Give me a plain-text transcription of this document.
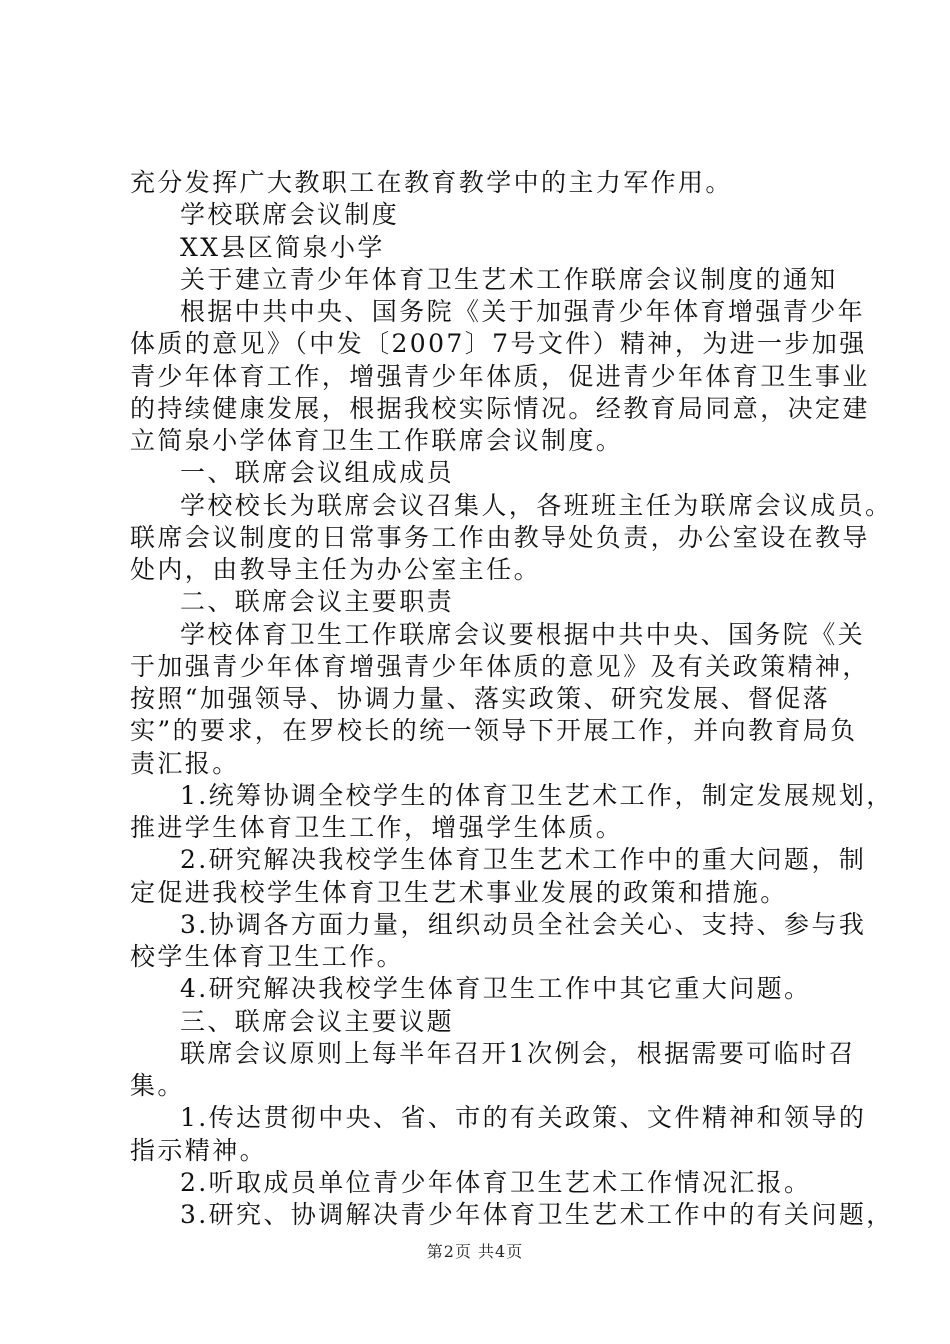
充分发挥广大教职工在教育教学中的主力军作用。
学校联席会议制度
XX县区简泉小学
关于建立青少年体育卫生艺术工作联席会议制度的通知
根据中共中央、国务院《关于加强青少年体育增强青少年
体质的意见》（中发〔2007〕7号文件）精神，为进一步加强
青少年体育工作，增强青少年体质，促进青少年体育卫生事业
的持续健康发展，根据我校实际情况。经教育局同意，决定建
立简泉小学体育卫生工作联席会议制度。
一、联席会议组成成员
学校校长为联席会议召集人，各班班主任为联席会议成员。
联席会议制度的日常事务工作由教导处负责，办公室设在教导
处内，由教导主任为办公室主任。
二、联席会议主要职责
学校体育卫生工作联席会议要根据中共中央、国务院《关
于加强青少年体育增强青少年体质的意见》及有关政策精神，
按照“加强领导、协调力量、落实政策、研究发展、督促落
实”的要求，在罗校长的统一领导下开展工作，并向教育局负
责汇报。
1.统筹协调全校学生的体育卫生艺术工作，制定发展规划，
推进学生体育卫生工作，增强学生体质。
2.研究解决我校学生体育卫生艺术工作中的重大问题，制
定促进我校学生体育卫生艺术事业发展的政策和措施。
3.协调各方面力量，组织动员全社会关心、支持、参与我
校学生体育卫生工作。
4.研究解决我校学生体育卫生工作中其它重大问题。
三、联席会议主要议题
联席会议原则上每半年召开1次例会，根据需要可临时召
集。
1.传达贯彻中央、省、市的有关政策、文件精神和领导的
指示精神。
2.听取成员单位青少年体育卫生艺术工作情况汇报。
3.研究、协调解决青少年体育卫生艺术工作中的有关问题，
第2页 共4页
